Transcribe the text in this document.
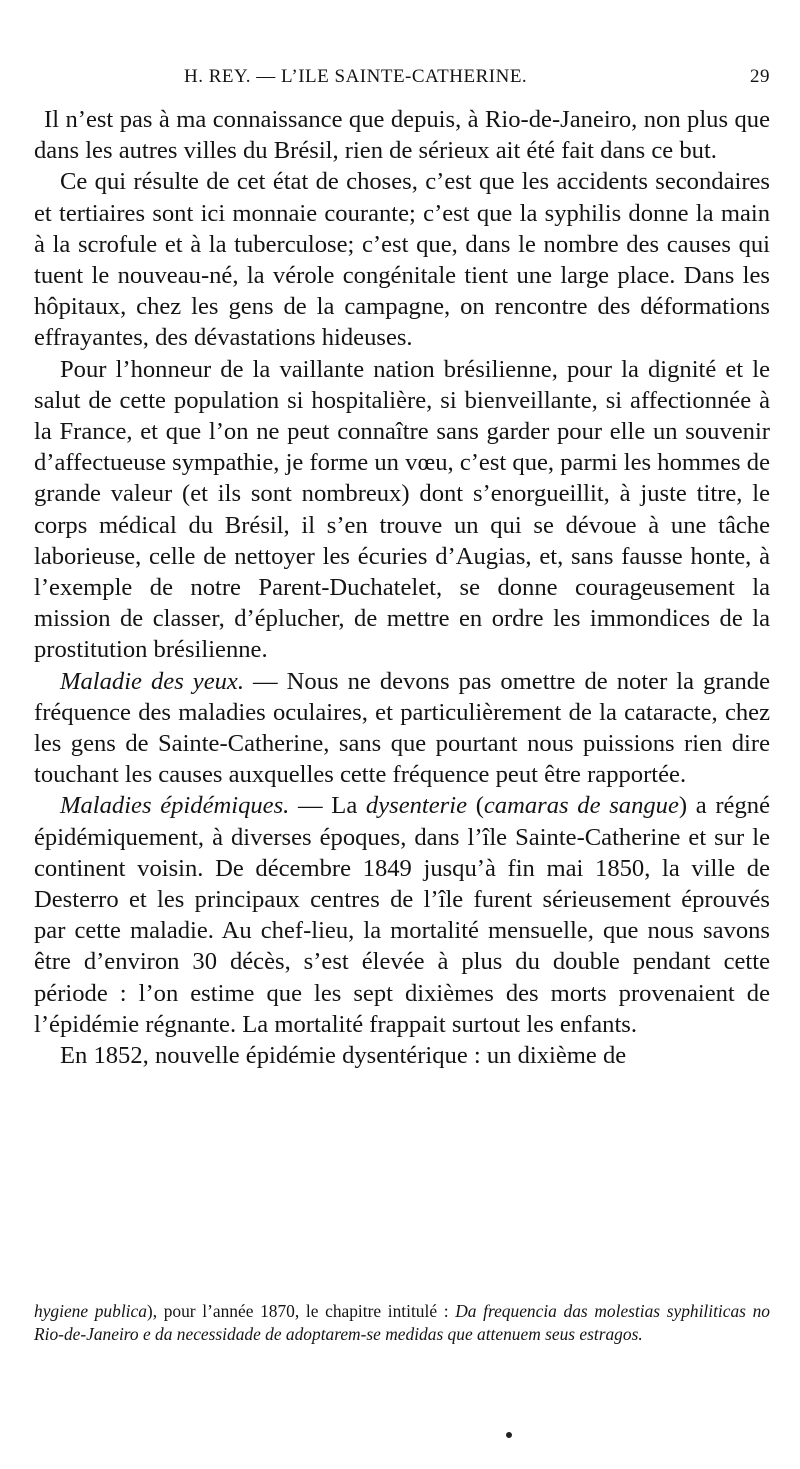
H. REY. — L’ILE SAINTE-CATHERINE.	29

Il n’est pas à ma connaissance que depuis, à Rio-de-Janeiro, non plus que dans les autres villes du Brésil, rien de sérieux ait été fait dans ce but.

Ce qui résulte de cet état de choses, c’est que les accidents secondaires et tertiaires sont ici monnaie courante; c’est que la syphilis donne la main à la scrofule et à la tuberculose; c’est que, dans le nombre des causes qui tuent le nouveau-né, la vérole congénitale tient une large place. Dans les hôpitaux, chez les gens de la campagne, on rencontre des déformations effrayantes, des dévastations hideuses.

Pour l’honneur de la vaillante nation brésilienne, pour la dignité et le salut de cette population si hospitalière, si bienveillante, si affectionnée à la France, et que l’on ne peut connaître sans garder pour elle un souvenir d’affectueuse sympathie, je forme un vœu, c’est que, parmi les hommes de grande valeur (et ils sont nombreux) dont s’enorgueillit, à juste titre, le corps médical du Brésil, il s’en trouve un qui se dévoue à une tâche laborieuse, celle de nettoyer les écuries d’Augias, et, sans fausse honte, à l’exemple de notre Parent-Duchatelet, se donne courageusement la mission de classer, d’éplucher, de mettre en ordre les immondices de la prostitution brésilienne.

Maladie des yeux. — Nous ne devons pas omettre de noter la grande fréquence des maladies oculaires, et particulièrement de la cataracte, chez les gens de Sainte-Catherine, sans que pourtant nous puissions rien dire touchant les causes auxquelles cette fréquence peut être rapportée.

Maladies épidémiques. — La dysenterie (camaras de sangue) a régné épidémiquement, à diverses époques, dans l’île Sainte-Catherine et sur le continent voisin. De décembre 1849 jusqu’à fin mai 1850, la ville de Desterro et les principaux centres de l’île furent sérieusement éprouvés par cette maladie. Au chef-lieu, la mortalité mensuelle, que nous savons être d’environ 30 décès, s’est élevée à plus du double pendant cette période : l’on estime que les sept dixièmes des morts provenaient de l’épidémie régnante. La mortalité frappait surtout les enfants.

En 1852, nouvelle épidémie dysentérique : un dixième de

hygiene publica), pour l’année 1870, le chapitre intitulé : Da frequencia das molestias syphiliticas no Rio-de-Janeiro e da necessidade de adoptarem-se medidas que attenuem seus estragos.
